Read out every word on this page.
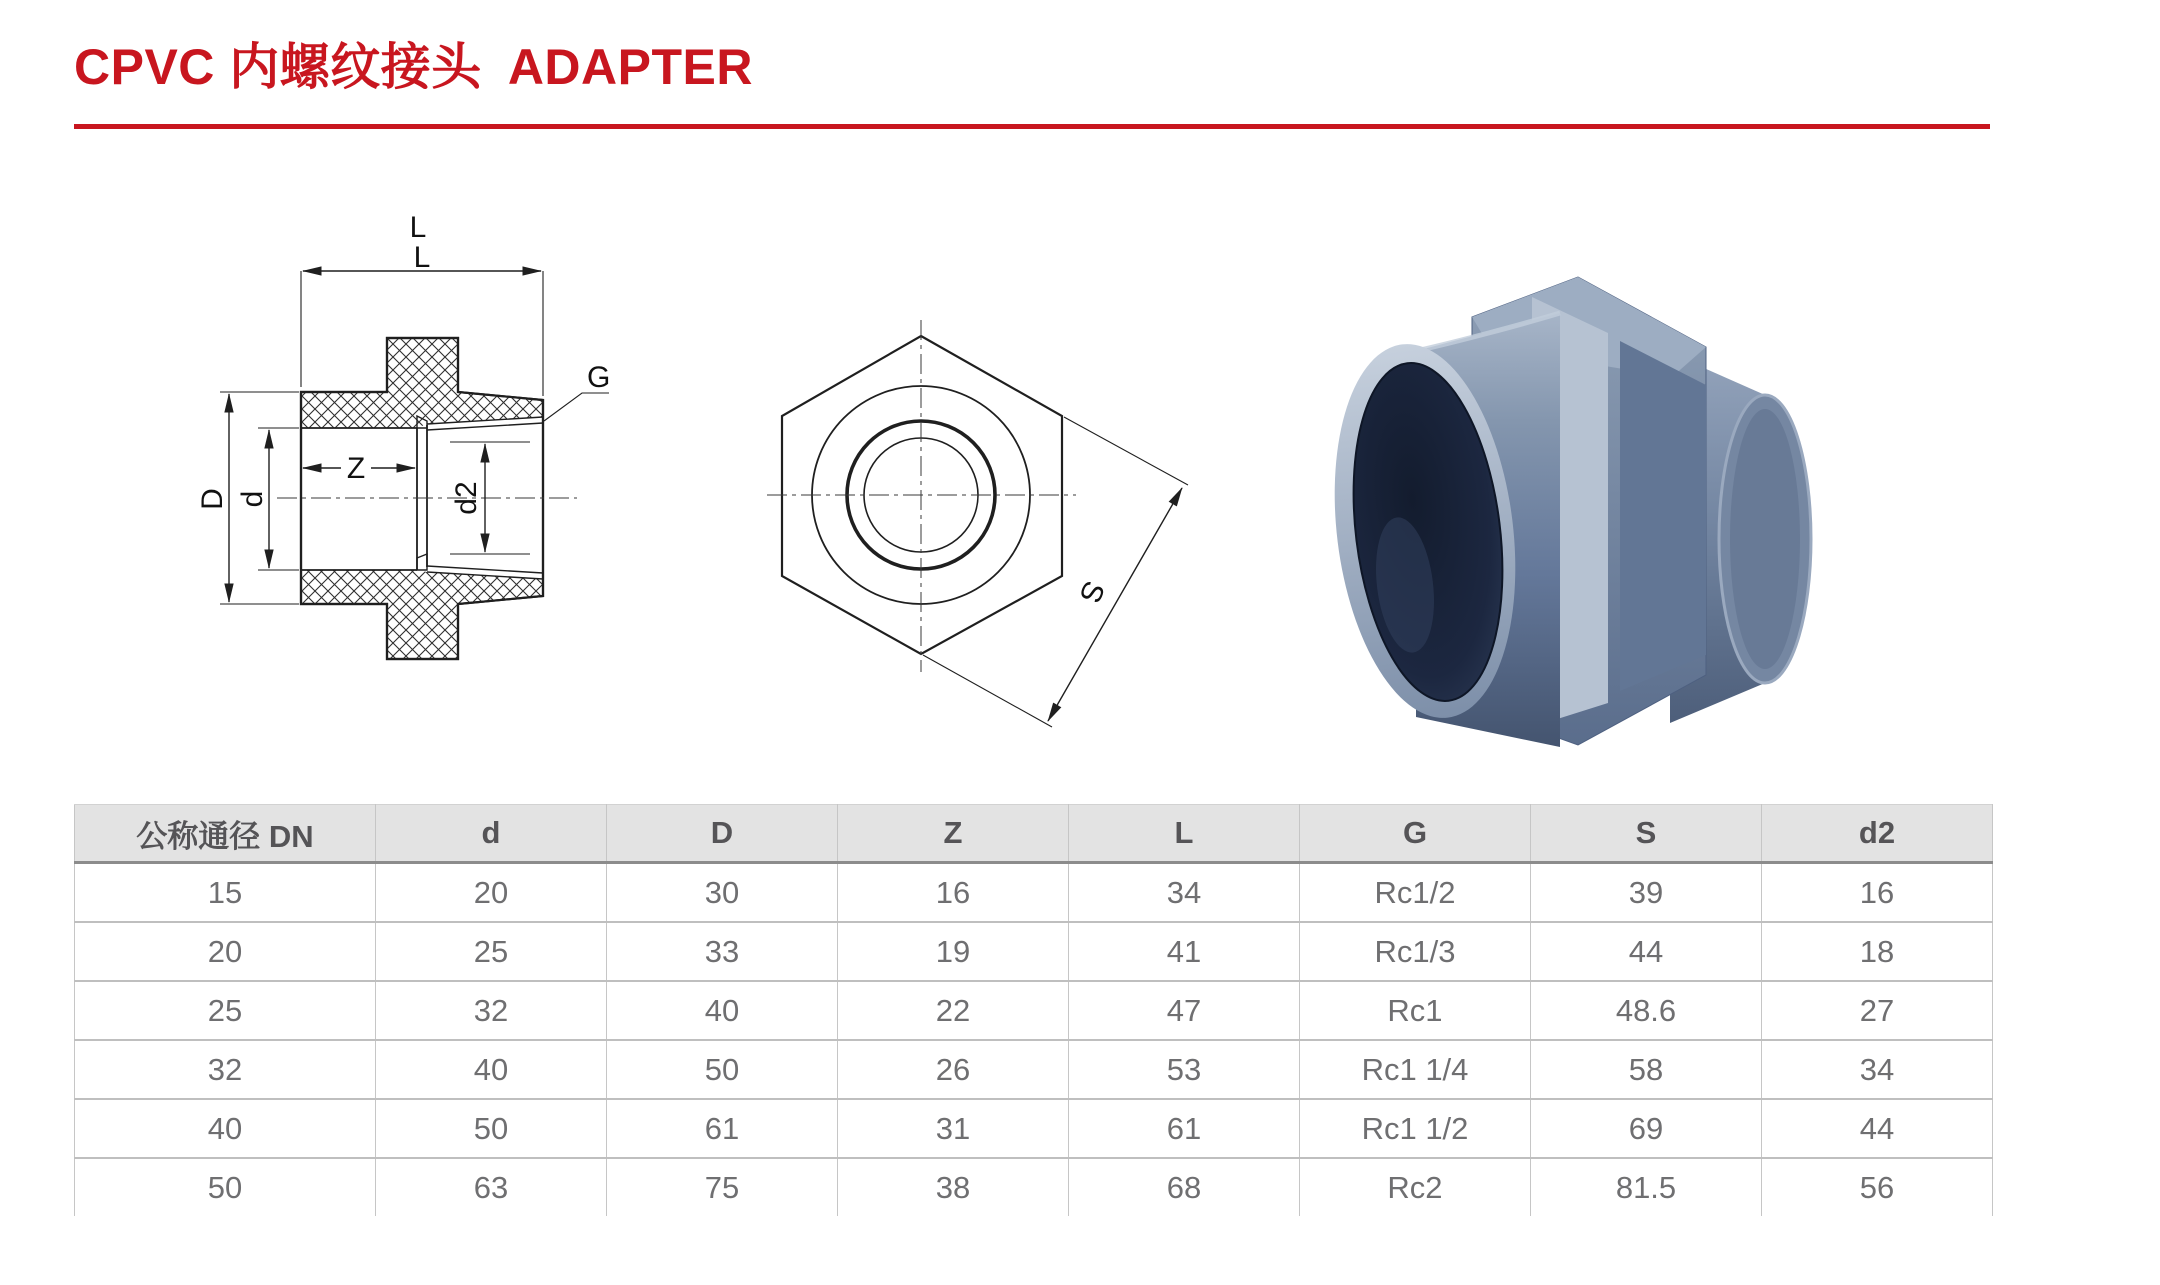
CPVC 内螺纹接头 ADAPTER
L
L
D d
Z
d2
G
S
公称通径 DN	d	D	Z	L	G	S	d2
15	20	30	16	34	Rc1/2	39	16
20	25	33	19	41	Rc1/3	44	18
25	32	40	22	47	Rc1	48.6	27
32	40	50	26	53	Rc1 1/4	58	34
40	50	61	31	61	Rc1 1/2	69	44
50	63	75	38	68	Rc2	81.5	56
